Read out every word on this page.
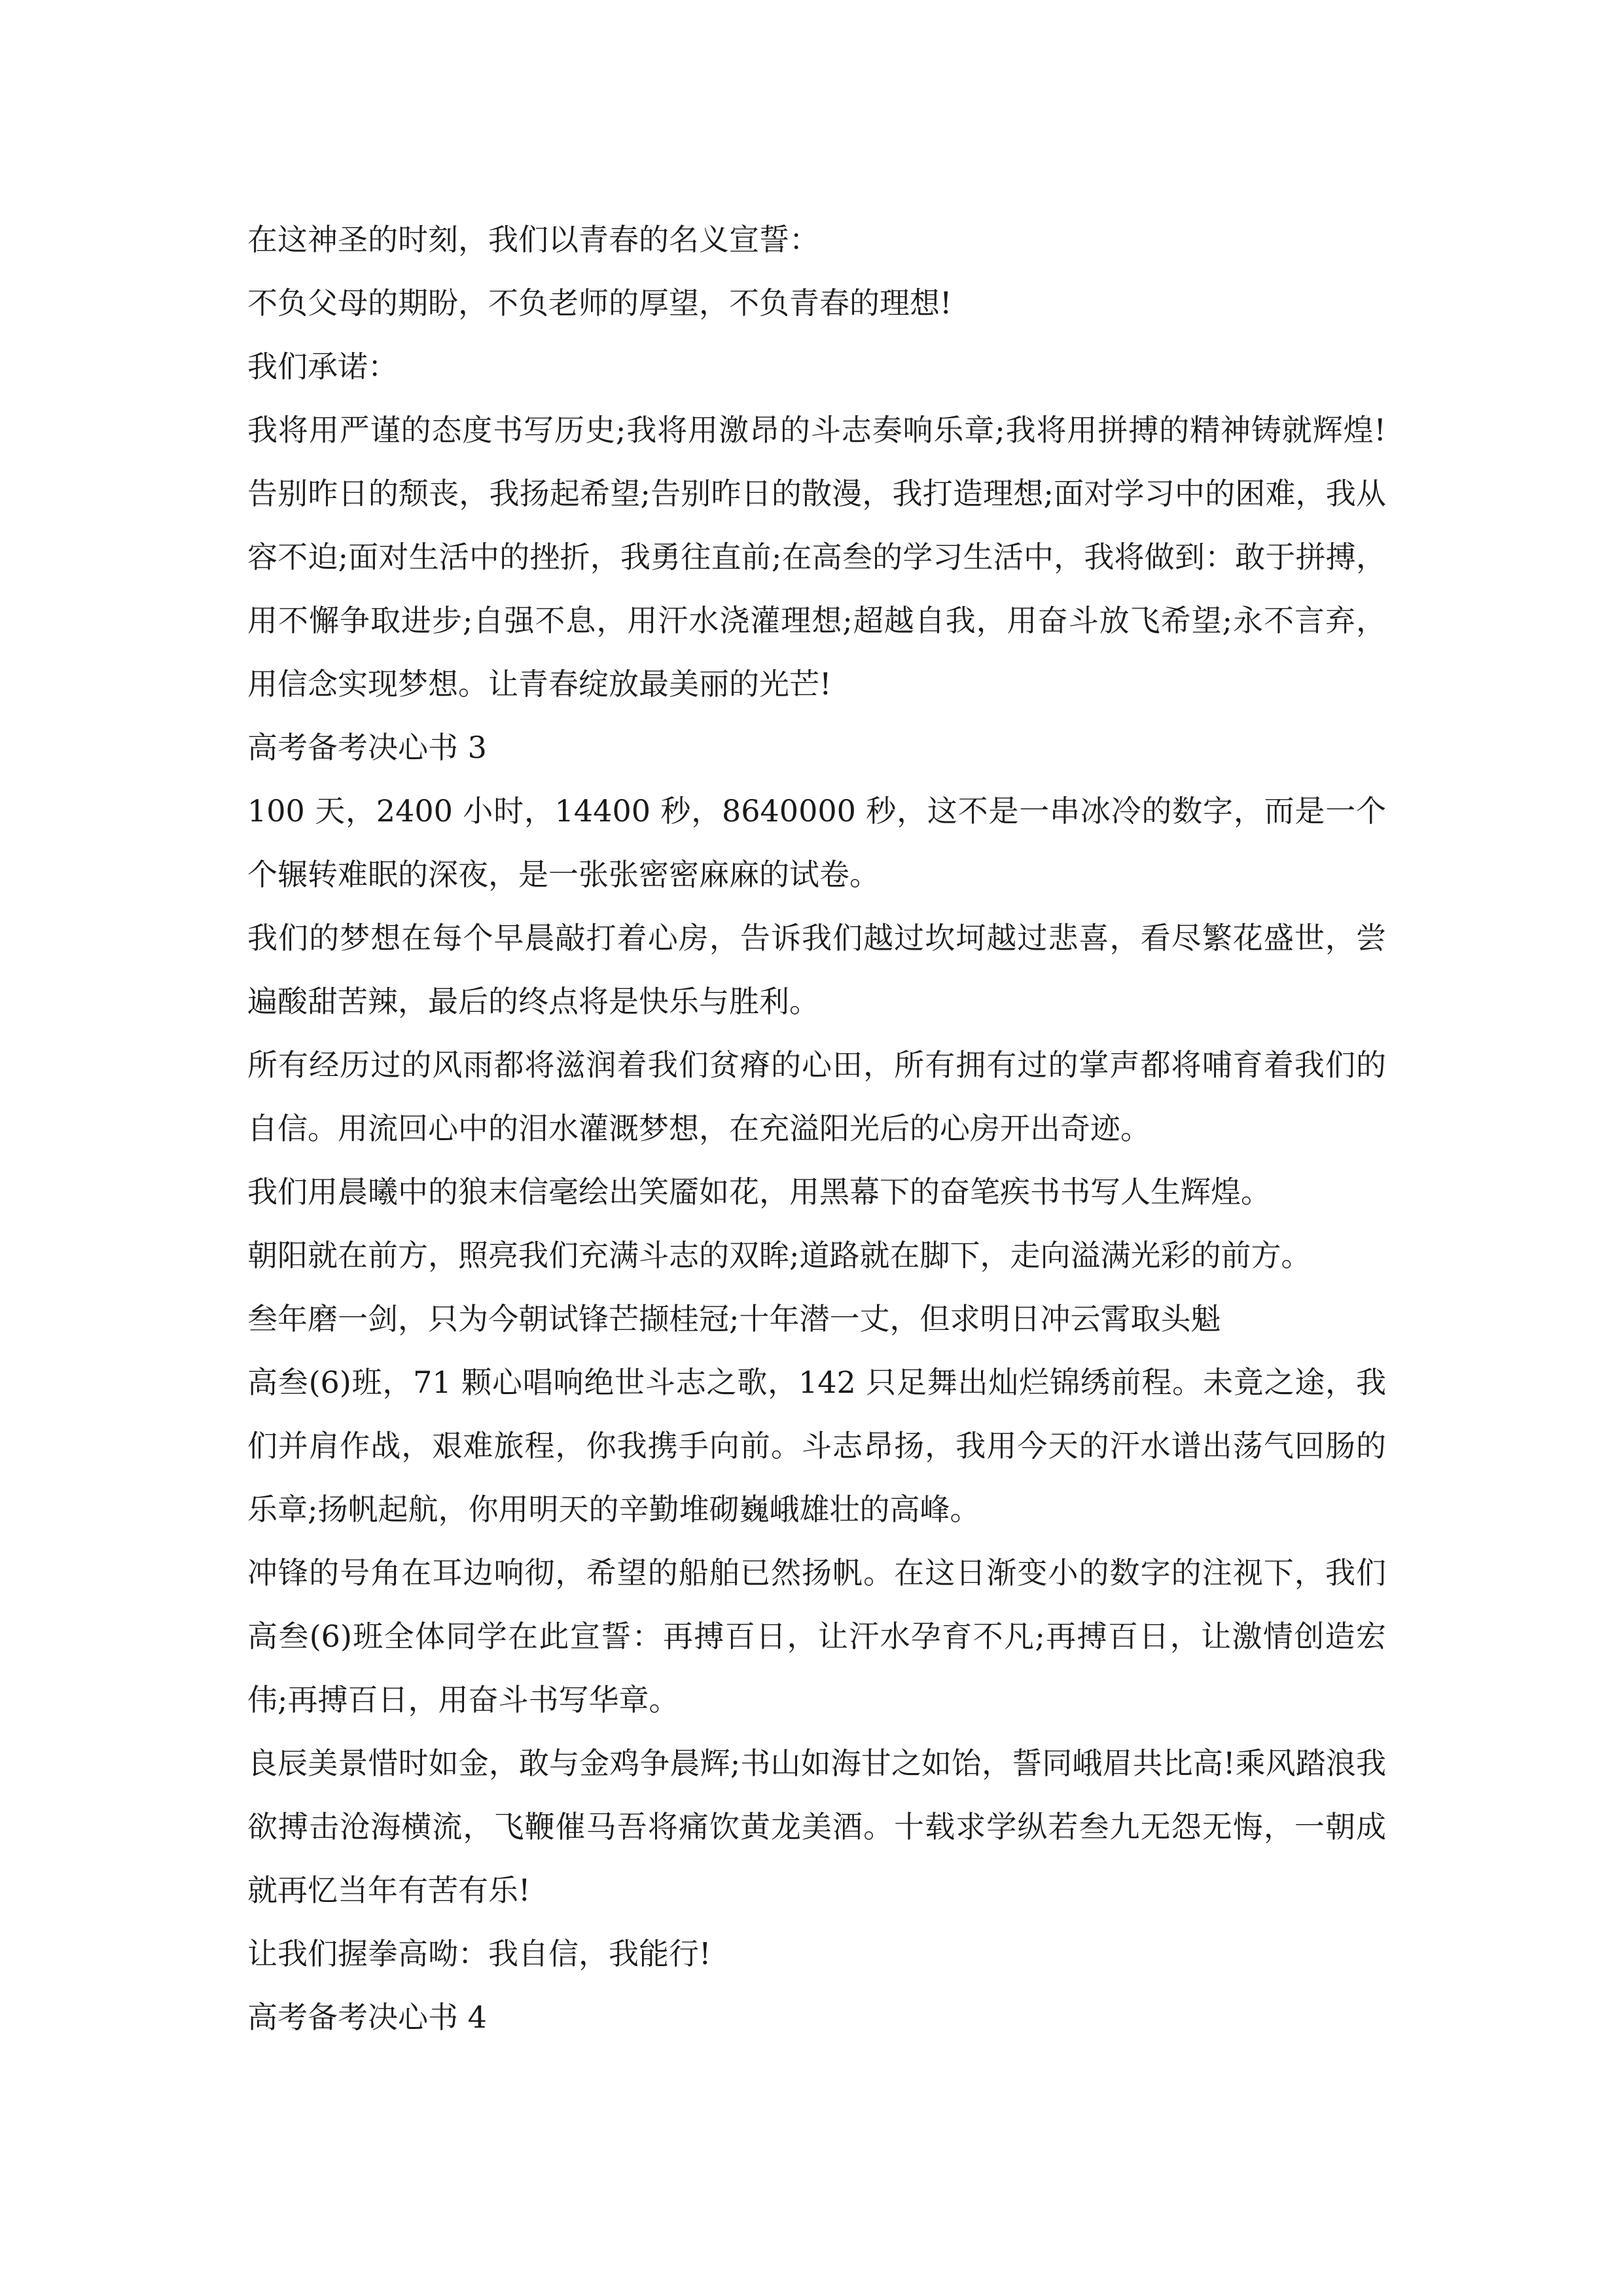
在这神圣的时刻，我们以青春的名义宣誓：

不负父母的期盼，不负老师的厚望，不负青春的理想!

我们承诺：

我将用严谨的态度书写历史;我将用激昂的斗志奏响乐章;我将用拼搏的精神铸就辉煌!告别昨日的颓丧，我扬起希望;告别昨日的散漫，我打造理想;面对学习中的困难，我从容不迫;面对生活中的挫折，我勇往直前;在高叁的学习生活中，我将做到：敢于拼搏，用不懈争取进步;自强不息，用汗水浇灌理想;超越自我，用奋斗放飞希望;永不言弃，用信念实现梦想。让青春绽放最美丽的光芒!

高考备考决心书 3

100 天，2400 小时，14400 秒，8640000 秒，这不是一串冰冷的数字，而是一个个辗转难眠的深夜，是一张张密密麻麻的试卷。

我们的梦想在每个早晨敲打着心房，告诉我们越过坎坷越过悲喜，看尽繁花盛世，尝遍酸甜苦辣，最后的终点将是快乐与胜利。

所有经历过的风雨都将滋润着我们贫瘠的心田，所有拥有过的掌声都将哺育着我们的自信。用流回心中的泪水灌溉梦想，在充溢阳光后的心房开出奇迹。

我们用晨曦中的狼末信毫绘出笑靥如花，用黑幕下的奋笔疾书书写人生辉煌。

朝阳就在前方，照亮我们充满斗志的双眸;道路就在脚下，走向溢满光彩的前方。

叁年磨一剑，只为今朝试锋芒撷桂冠;十年潜一丈，但求明日冲云霄取头魁

高叁(6)班，71 颗心唱响绝世斗志之歌，142 只足舞出灿烂锦绣前程。未竟之途，我们并肩作战，艰难旅程，你我携手向前。斗志昂扬，我用今天的汗水谱出荡气回肠的乐章;扬帆起航，你用明天的辛勤堆砌巍峨雄壮的高峰。

冲锋的号角在耳边响彻，希望的船舶已然扬帆。在这日渐变小的数字的注视下，我们高叁(6)班全体同学在此宣誓：再搏百日，让汗水孕育不凡;再搏百日，让激情创造宏伟;再搏百日，用奋斗书写华章。

良辰美景惜时如金，敢与金鸡争晨辉;书山如海甘之如饴，誓同峨眉共比高!乘风踏浪我欲搏击沧海横流，飞鞭催马吾将痛饮黄龙美酒。十载求学纵若叁九无怨无悔，一朝成就再忆当年有苦有乐!

让我们握拳高呦：我自信，我能行!

高考备考决心书 4
